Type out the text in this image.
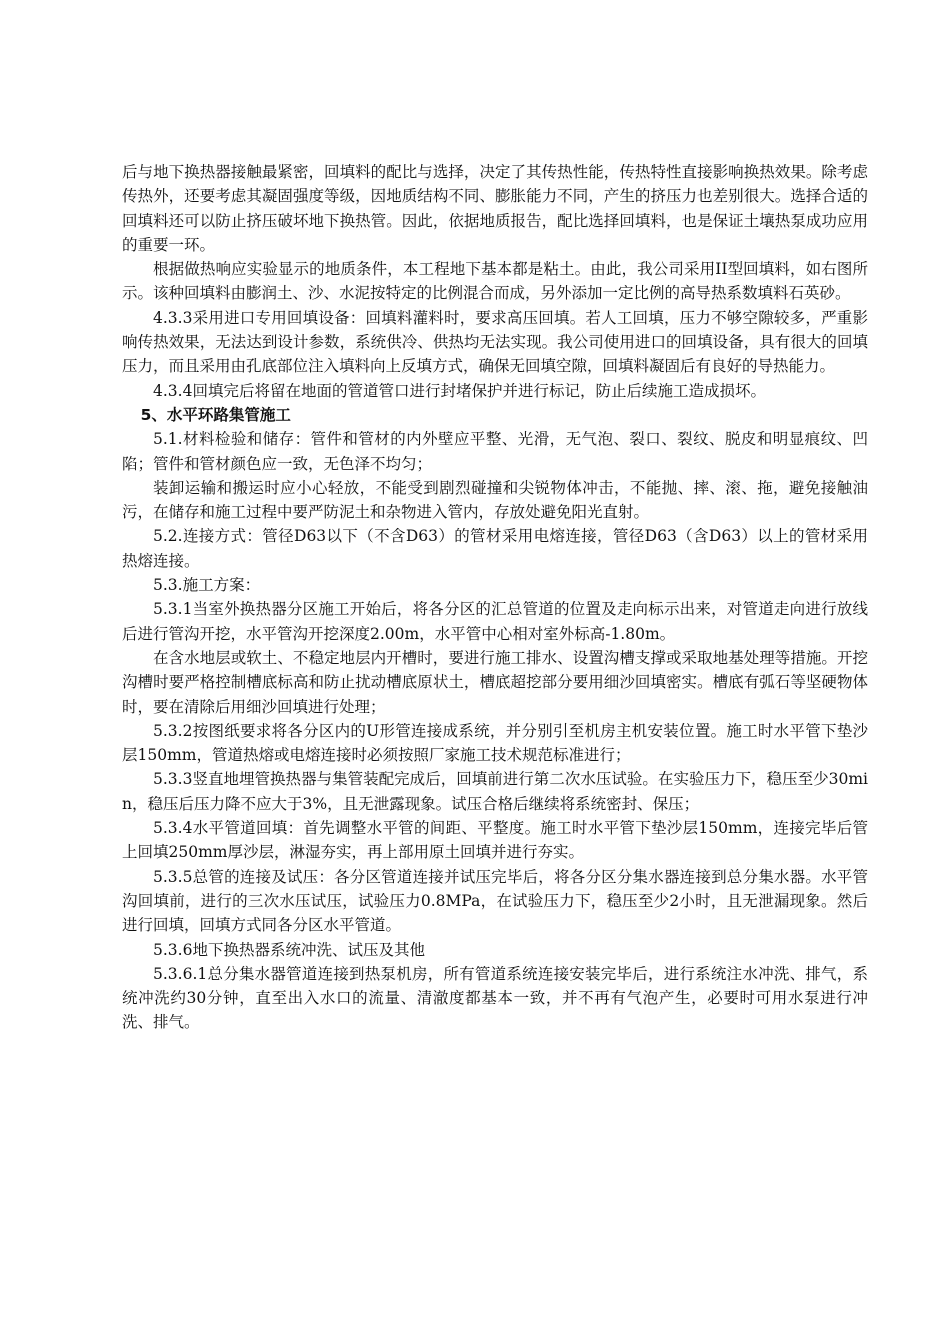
后与地下换热器接触最紧密，回填料的配比与选择，决定了其传热性能，传热特性直接影响换热效果。除考虑传热外，还要考虑其凝固强度等级，因地质结构不同、膨胀能力不同，产生的挤压力也差别很大。选择合适的回填料还可以防止挤压破坏地下换热管。因此，依据地质报告，配比选择回填料，也是保证土壤热泵成功应用的重要一环。

根据做热响应实验显示的地质条件，本工程地下基本都是粘土。由此，我公司采用II型回填料，如右图所示。该种回填料由膨润土、沙、水泥按特定的比例混合而成，另外添加一定比例的高导热系数填料石英砂。

4.3.3采用进口专用回填设备：回填料灌料时，要求高压回填。若人工回填，压力不够空隙较多，严重影响传热效果，无法达到设计参数，系统供冷、供热均无法实现。我公司使用进口的回填设备，具有很大的回填压力，而且采用由孔底部位注入填料向上反填方式，确保无回填空隙，回填料凝固后有良好的导热能力。

4.3.4回填完后将留在地面的管道管口进行封堵保护并进行标记，防止后续施工造成损坏。

5、水平环路集管施工

5.1.材料检验和储存：管件和管材的内外壁应平整、光滑，无气泡、裂口、裂纹、脱皮和明显痕纹、凹陷；管件和管材颜色应一致，无色泽不均匀；

装卸运输和搬运时应小心轻放，不能受到剧烈碰撞和尖锐物体冲击，不能抛、摔、滚、拖，避免接触油污，在储存和施工过程中要严防泥土和杂物进入管内，存放处避免阳光直射。

5.2.连接方式：管径D63以下（不含D63）的管材采用电熔连接，管径D63（含D63）以上的管材采用热熔连接。

5.3.施工方案：

5.3.1当室外换热器分区施工开始后，将各分区的汇总管道的位置及走向标示出来，对管道走向进行放线后进行管沟开挖，水平管沟开挖深度2.00m，水平管中心相对室外标高-1.80m。

在含水地层或软土、不稳定地层内开槽时，要进行施工排水、设置沟槽支撑或采取地基处理等措施。开挖沟槽时要严格控制槽底标高和防止扰动槽底原状土，槽底超挖部分要用细沙回填密实。槽底有弧石等坚硬物体时，要在清除后用细沙回填进行处理；

5.3.2按图纸要求将各分区内的U形管连接成系统，并分别引至机房主机安装位置。施工时水平管下垫沙层150mm，管道热熔或电熔连接时必须按照厂家施工技术规范标准进行；

5.3.3竖直地埋管换热器与集管装配完成后，回填前进行第二次水压试验。在实验压力下，稳压至少30min，稳压后压力降不应大于3%，且无泄露现象。试压合格后继续将系统密封、保压；

5.3.4水平管道回填：首先调整水平管的间距、平整度。施工时水平管下垫沙层150mm，连接完毕后管上回填250mm厚沙层，淋湿夯实，再上部用原土回填并进行夯实。

5.3.5总管的连接及试压：各分区管道连接并试压完毕后，将各分区分集水器连接到总分集水器。水平管沟回填前，进行的三次水压试压，试验压力0.8MPa，在试验压力下，稳压至少2小时，且无泄漏现象。然后进行回填，回填方式同各分区水平管道。

5.3.6地下换热器系统冲洗、试压及其他

5.3.6.1总分集水器管道连接到热泵机房，所有管道系统连接安装完毕后，进行系统注水冲洗、排气，系统冲洗约30分钟，直至出入水口的流量、清澈度都基本一致，并不再有气泡产生，必要时可用水泵进行冲洗、排气。
